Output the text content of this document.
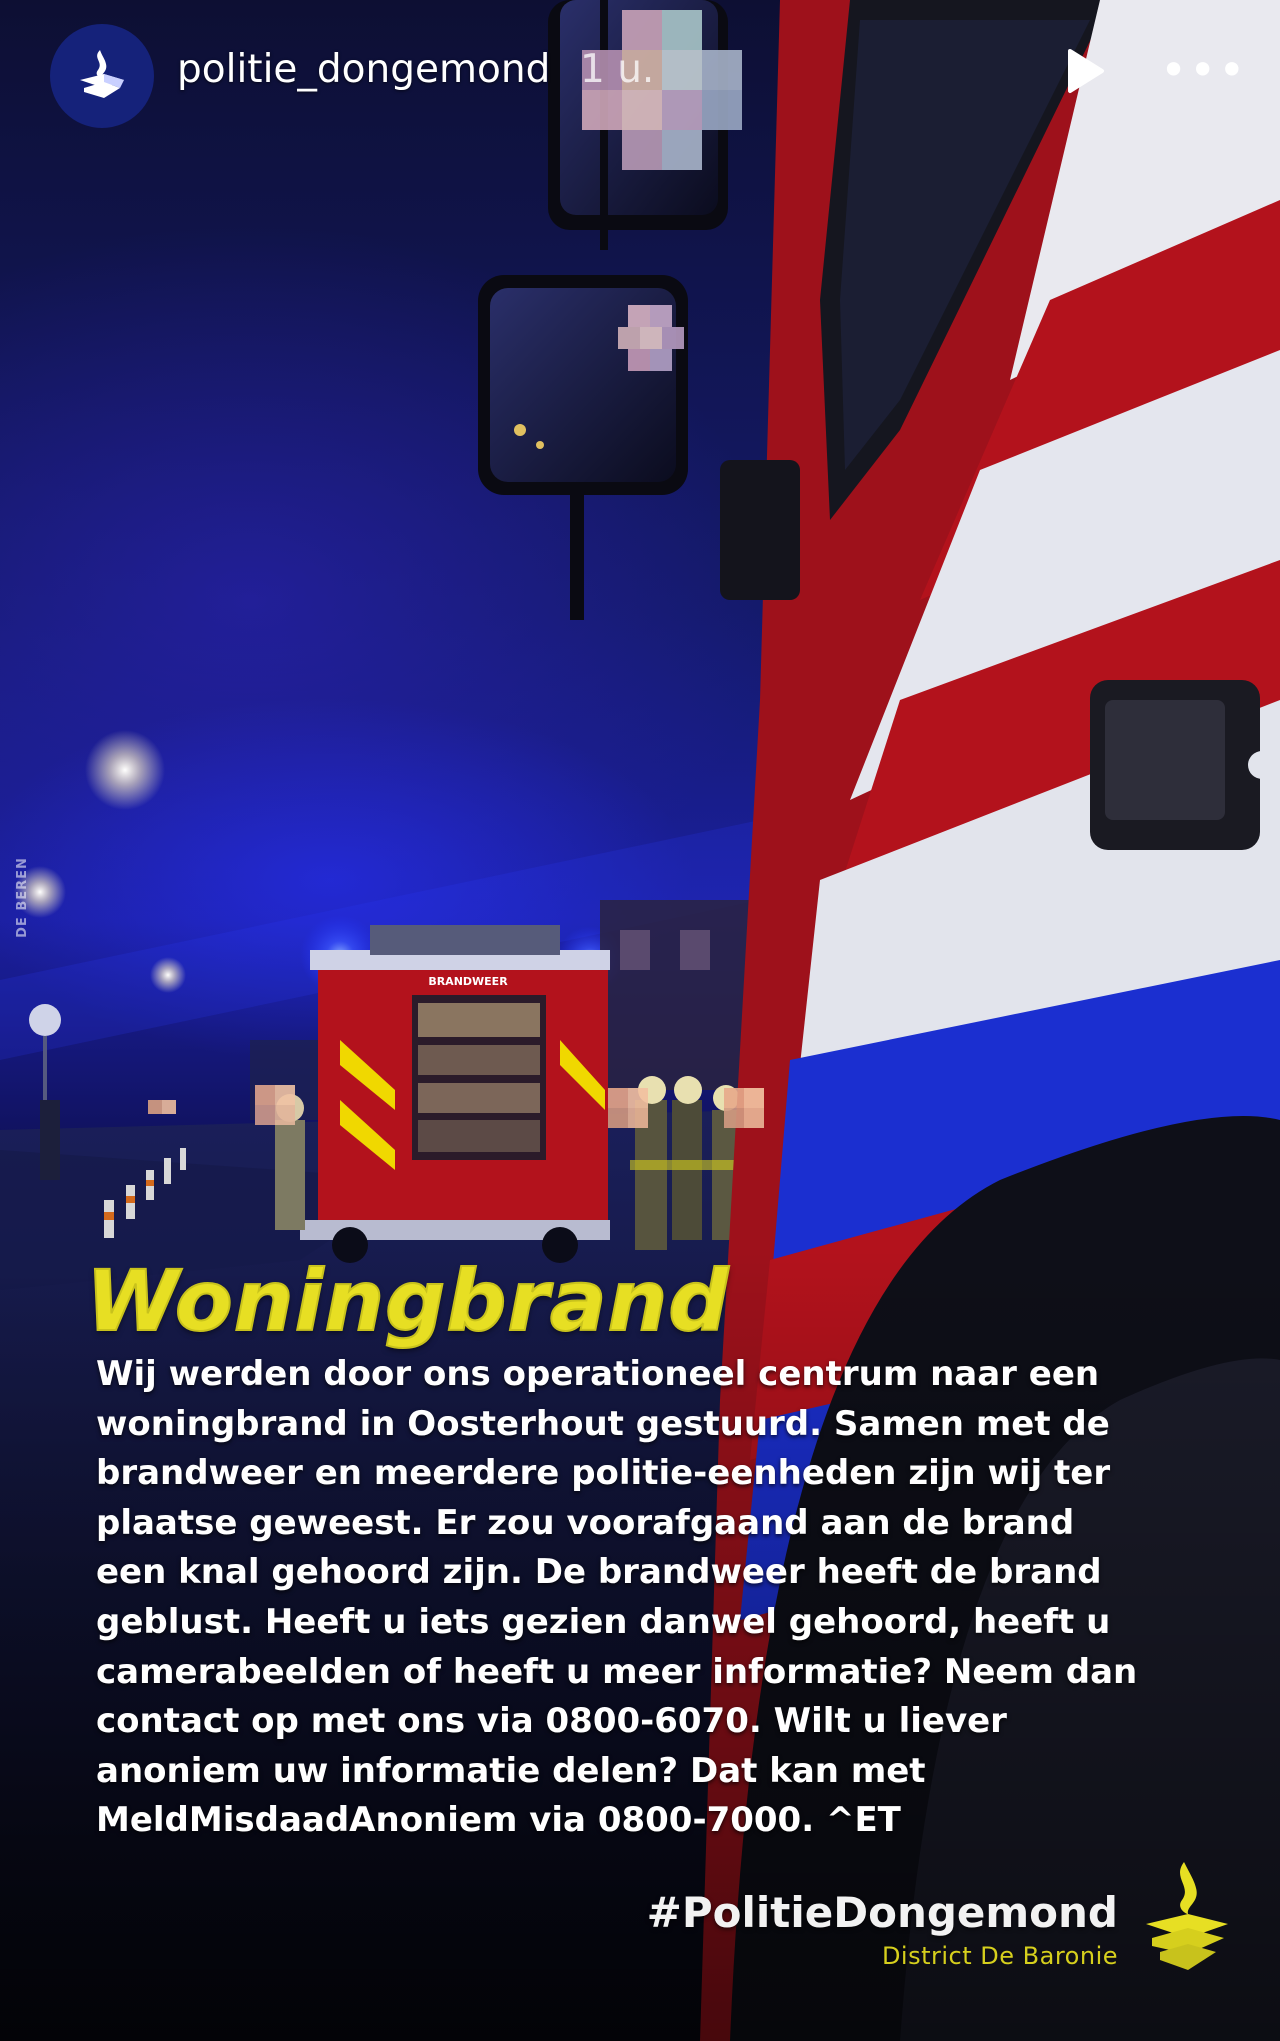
BRANDWEER
DE BEREN
politie_dongemond 1 u.	•••
Woningbrand
Wij werden door ons operationeel centrum naar een
woningbrand in Oosterhout gestuurd. Samen met de
brandweer en meerdere politie-eenheden zijn wij ter
plaatse geweest. Er zou voorafgaand aan de brand
een knal gehoord zijn. De brandweer heeft de brand
geblust. Heeft u iets gezien danwel gehoord, heeft u
camerabeelden of heeft u meer informatie? Neem dan
contact op met ons via 0800-6070. Wilt u liever
anoniem uw informatie delen? Dat kan met
MeldMisdaadAnoniem via 0800-7000. ^ET
#PolitieDongemond
District De Baronie
